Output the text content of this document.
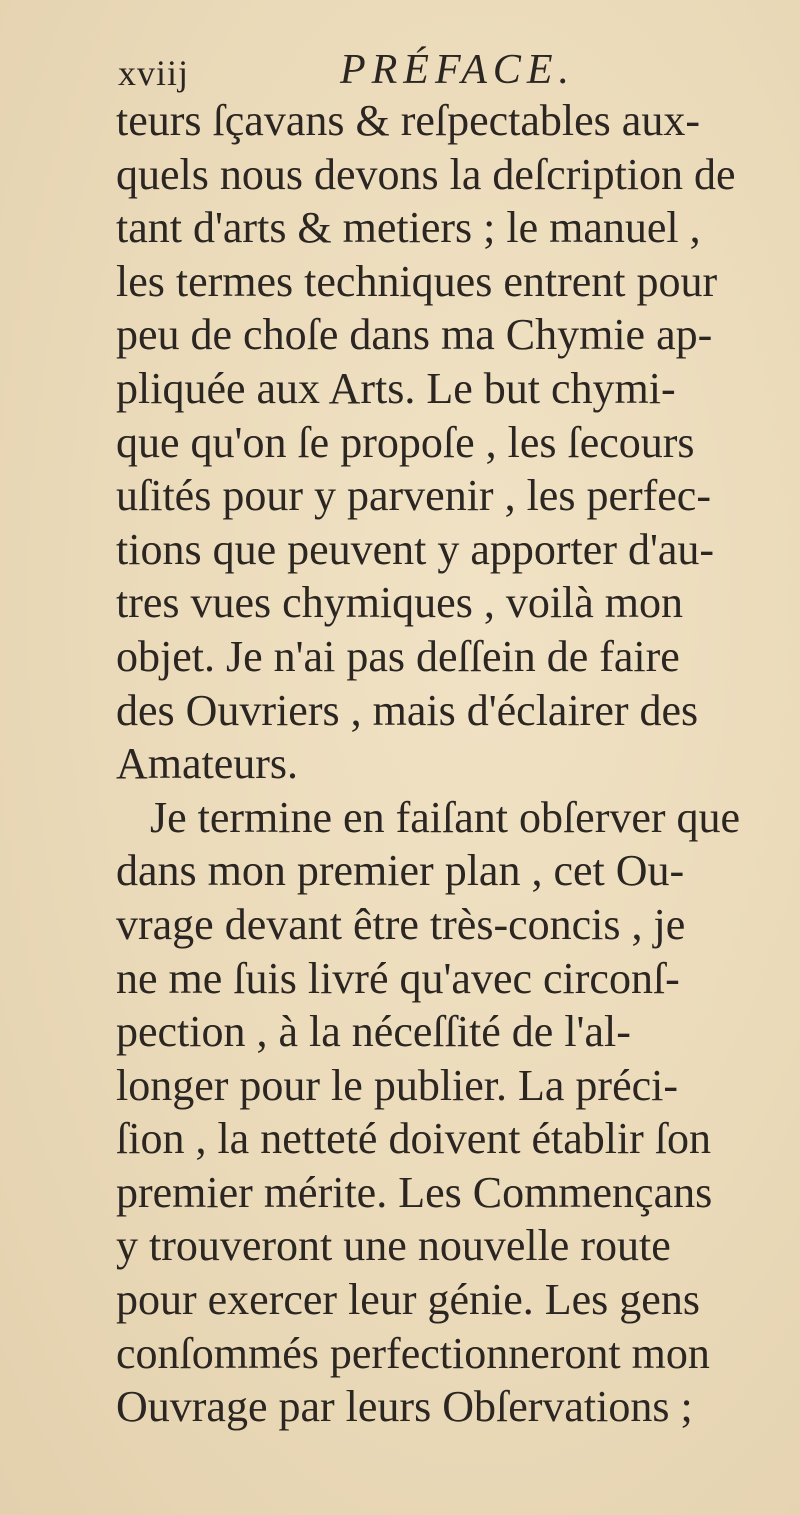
xviij	PRÉFACE.
teurs ſçavans & reſpectables aux-
quels nous devons la deſcription de
tant d'arts & metiers ; le manuel ,
les termes techniques entrent pour
peu de choſe dans ma Chymie ap-
pliquée aux Arts. Le but chymi-
que qu'on ſe propoſe , les ſecours
uſités pour y parvenir , les perfec-
tions que peuvent y apporter d'au-
tres vues chymiques , voilà mon
objet. Je n'ai pas deſſein de faire
des Ouvriers , mais d'éclairer des
Amateurs.
Je termine en faiſant obſerver que
dans mon premier plan , cet Ou-
vrage devant être très-concis , je
ne me ſuis livré qu'avec circonſ-
pection , à la néceſſité de l'al-
longer pour le publier. La préci-
ſion , la netteté doivent établir ſon
premier mérite. Les Commençans
y trouveront une nouvelle route
pour exercer leur génie. Les gens
conſommés perfectionneront mon
Ouvrage par leurs Obſervations ;
